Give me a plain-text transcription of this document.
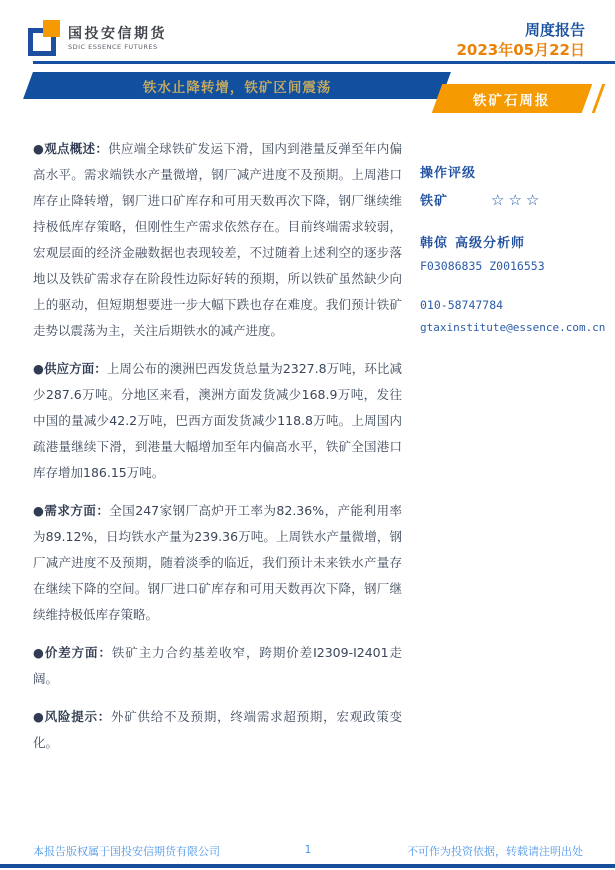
国投安信期货
SDIC ESSENCE FUTURES
周度报告
2023年05月22日
铁水止降转增，铁矿区间震荡
铁矿石周报

●观点概述：供应端全球铁矿发运下滑，国内到港量反弹至年内偏高水平。需求端铁水产量微增，钢厂减产进度不及预期。上周港口库存止降转增，钢厂进口矿库存和可用天数再次下降，钢厂继续维持极低库存策略，但刚性生产需求依然存在。目前终端需求较弱，宏观层面的经济金融数据也表现较差，不过随着上述利空的逐步落地以及铁矿需求存在阶段性边际好转的预期，所以铁矿虽然缺少向上的驱动，但短期想要进一步大幅下跌也存在难度。我们预计铁矿走势以震荡为主，关注后期铁水的减产进度。

●供应方面：上周公布的澳洲巴西发货总量为2327.8万吨，环比减少287.6万吨。分地区来看，澳洲方面发货减少168.9万吨，发往中国的量减少42.2万吨，巴西方面发货减少118.8万吨。上周国内疏港量继续下滑，到港量大幅增加至年内偏高水平，铁矿全国港口库存增加186.15万吨。

●需求方面：全国247家钢厂高炉开工率为82.36%，产能利用率为89.12%，日均铁水产量为239.36万吨。上周铁水产量微增，钢厂减产进度不及预期，随着淡季的临近，我们预计未来铁水产量存在继续下降的空间。钢厂进口矿库存和可用天数再次下降，钢厂继续维持极低库存策略。

●价差方面：铁矿主力合约基差收窄，跨期价差I2309-I2401走阔。

●风险提示：外矿供给不及预期，终端需求超预期，宏观政策变化。

操作评级
铁矿	☆☆☆
韩倞 高级分析师
F03086835 Z0016553
010-58747784
gtaxinstitute@essence.com.cn
本报告版权属于国投安信期货有限公司	1	不可作为投资依据，转载请注明出处
